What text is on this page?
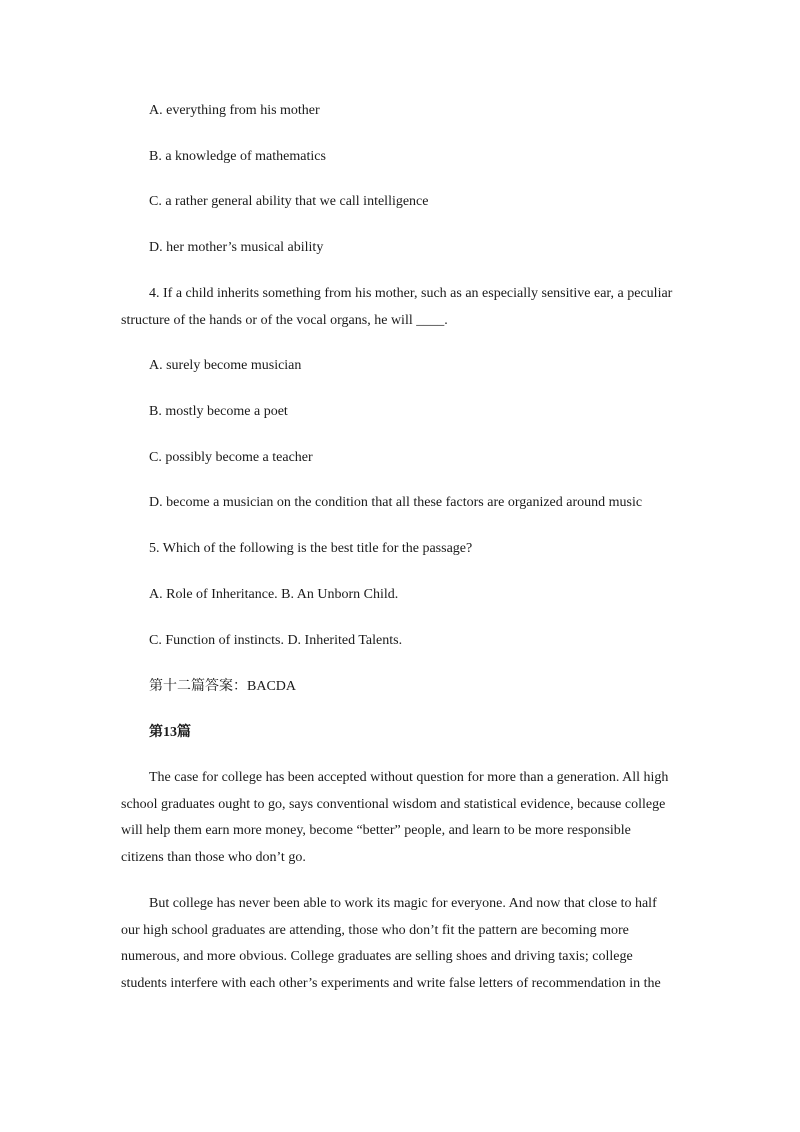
A. everything from his mother
B. a knowledge of mathematics
C. a rather general ability that we call intelligence
D. her mother’s musical ability
4. If a child inherits something from his mother, such as an especially sensitive ear, a peculiar
structure of the hands or of the vocal organs, he will ____.
A. surely become musician
B. mostly become a poet
C. possibly become a teacher
D. become a musician on the condition that all these factors are organized around music
5. Which of the following is the best title for the passage?
A. Role of Inheritance. B. An Unborn Child.
C. Function of instincts. D. Inherited Talents.
第十二篇答案：BACDA
第13篇
The case for college has been accepted without question for more than a generation. All high
school graduates ought to go, says conventional wisdom and statistical evidence, because college
will help them earn more money, become “better” people, and learn to be more responsible
citizens than those who don’t go.
But college has never been able to work its magic for everyone. And now that close to half
our high school graduates are attending, those who don’t fit the pattern are becoming more
numerous, and more obvious. College graduates are selling shoes and driving taxis; college
students interfere with each other’s experiments and write false letters of recommendation in the
